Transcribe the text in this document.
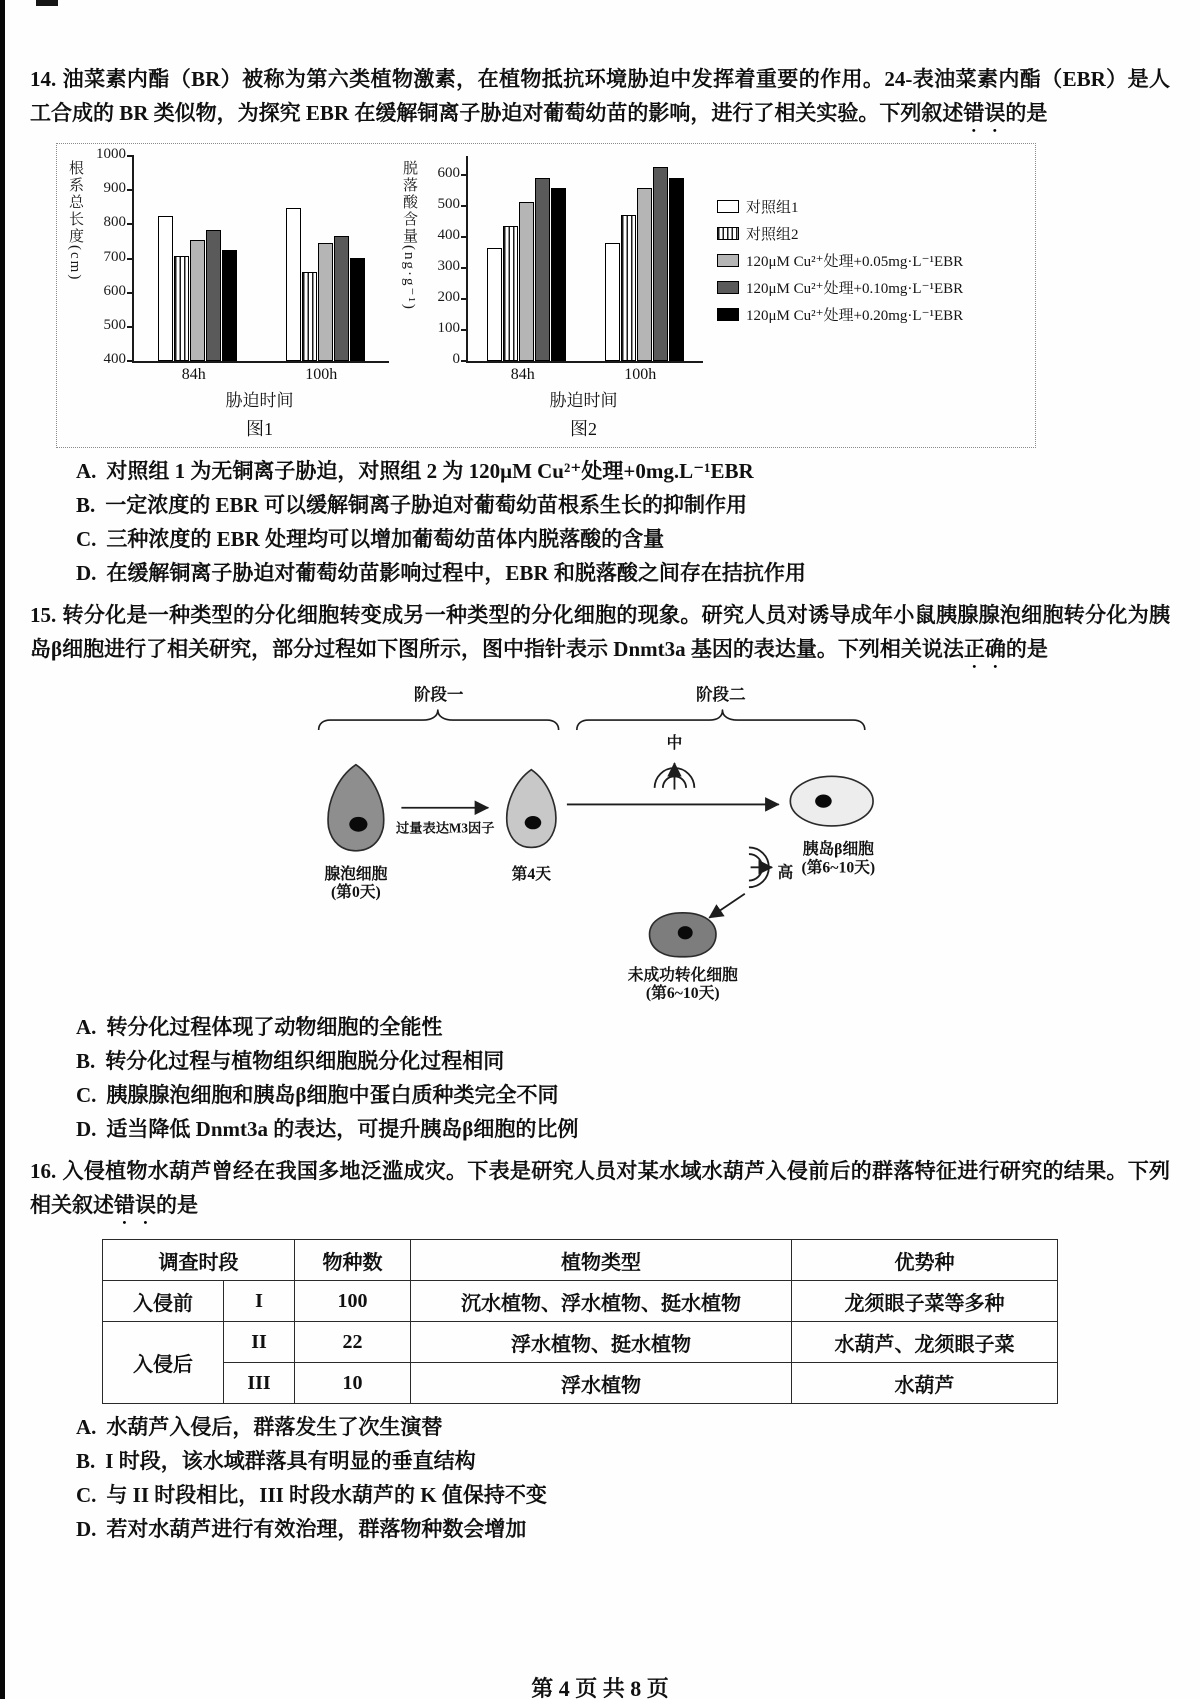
14. 油菜素内酯（BR）被称为第六类植物激素，在植物抵抗环境胁迫中发挥着重要的作用。24-表油菜素内酯（EBR）是人工合成的 BR 类似物，为探究 EBR 在缓解铜离子胁迫对葡萄幼苗的影响，进行了相关实验。下列叙述错误的是

根系总长度(cm)
400
500
600
700
800
900
1000
84h	100h
胁迫时间
图1
脱落酸含量(ng·g⁻¹)
0
100
200
300
400
500
600
84h	100h
胁迫时间
图2
对照组1
对照组2
120μM Cu²⁺处理+0.05mg·L⁻¹EBR
120μM Cu²⁺处理+0.10mg·L⁻¹EBR
120μM Cu²⁺处理+0.20mg·L⁻¹EBR
A. 对照组 1 为无铜离子胁迫，对照组 2 为 120μM Cu²⁺处理+0mg.L⁻¹EBR
B. 一定浓度的 EBR 可以缓解铜离子胁迫对葡萄幼苗根系生长的抑制作用
C. 三种浓度的 EBR 处理均可以增加葡萄幼苗体内脱落酸的含量
D. 在缓解铜离子胁迫对葡萄幼苗影响过程中，EBR 和脱落酸之间存在拮抗作用

15. 转分化是一种类型的分化细胞转变成另一种类型的分化细胞的现象。研究人员对诱导成年小鼠胰腺腺泡细胞转分化为胰岛β细胞进行了相关研究，部分过程如下图所示，图中指针表示 Dnmt3a 基因的表达量。下列相关说法正确的是

阶段一	阶段二
腺泡细胞
(第0天)
过量表达M3因子
第4天
中
胰岛β细胞
(第6~10天)
高
未成功转化细胞
(第6~10天)
A. 转分化过程体现了动物细胞的全能性
B. 转分化过程与植物组织细胞脱分化过程相同
C. 胰腺腺泡细胞和胰岛β细胞中蛋白质种类完全不同
D. 适当降低 Dnmt3a 的表达，可提升胰岛β细胞的比例

16. 入侵植物水葫芦曾经在我国多地泛滥成灾。下表是研究人员对某水域水葫芦入侵前后的群落特征进行研究的结果。下列相关叙述错误的是

调查时段		物种数	植物类型	优势种
入侵前	I	100	沉水植物、浮水植物、挺水植物	龙须眼子菜等多种
入侵后	II	22	浮水植物、挺水植物	水葫芦、龙须眼子菜
	III	10	浮水植物	水葫芦
A. 水葫芦入侵后，群落发生了次生演替
B. I 时段，该水域群落具有明显的垂直结构
C. 与 II 时段相比，III 时段水葫芦的 K 值保持不变
D. 若对水葫芦进行有效治理，群落物种数会增加
第 4 页 共 8 页
